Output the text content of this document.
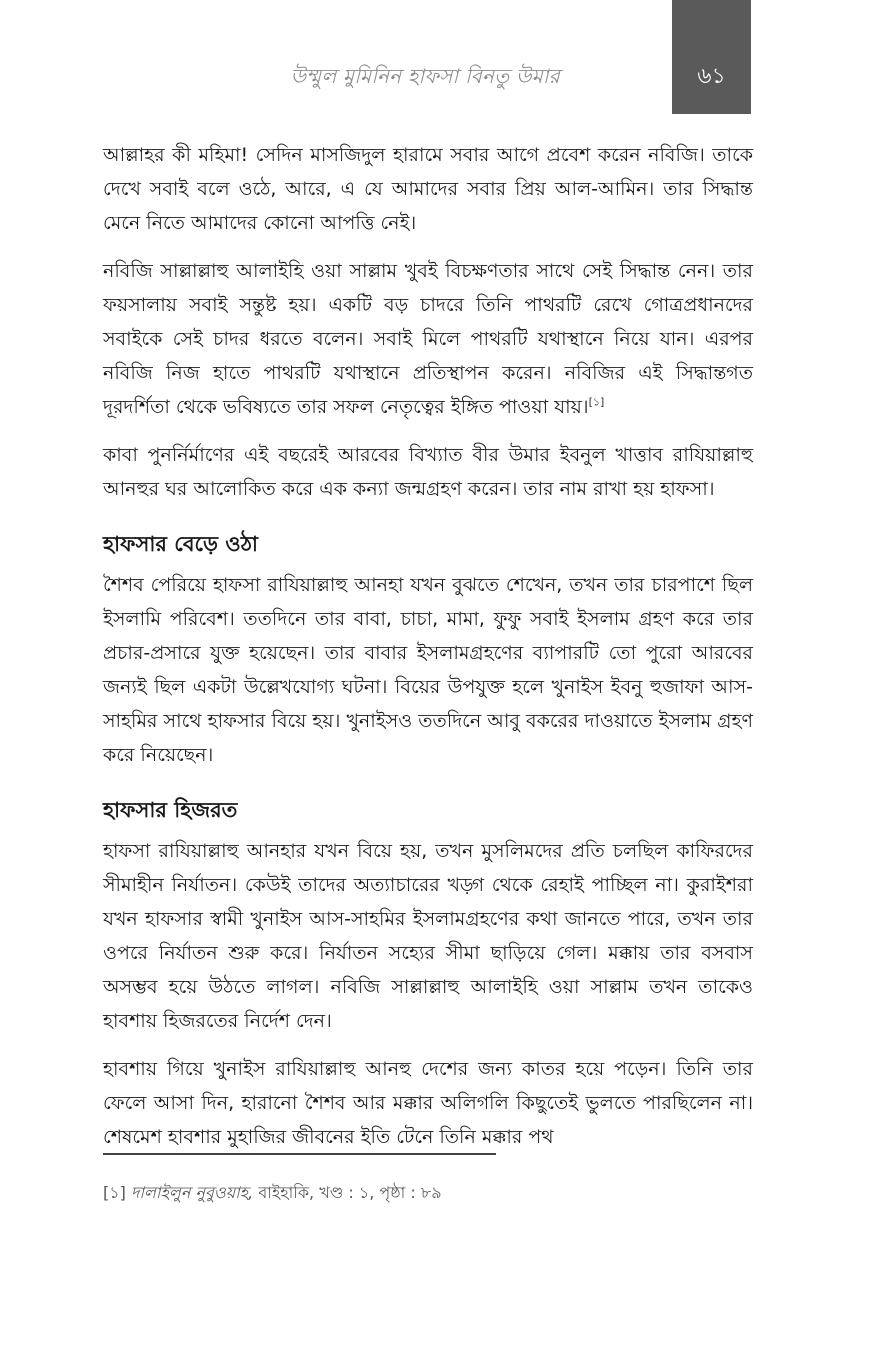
উম্মুল মুমিনিন হাফসা বিনতু উমার	৬১

আল্লাহর কী মহিমা! সেদিন মাসজিদুল হারামে সবার আগে প্রবেশ করেন নবিজি। তাকে দেখে সবাই বলে ওঠে, আরে, এ যে আমাদের সবার প্রিয় আল-আমিন। তার সিদ্ধান্ত মেনে নিতে আমাদের কোনো আপত্তি নেই।

নবিজি সাল্লাল্লাহু আলাইহি ওয়া সাল্লাম খুবই বিচক্ষণতার সাথে সেই সিদ্ধান্ত নেন। তার ফয়সালায় সবাই সন্তুষ্ট হয়। একটি বড় চাদরে তিনি পাথরটি রেখে গোত্রপ্রধানদের সবাইকে সেই চাদর ধরতে বলেন। সবাই মিলে পাথরটি যথাস্থানে নিয়ে যান। এরপর নবিজি নিজ হাতে পাথরটি যথাস্থানে প্রতিস্থাপন করেন। নবিজির এই সিদ্ধান্তগত দূরদর্শিতা থেকে ভবিষ্যতে তার সফল নেতৃত্বের ইঙ্গিত পাওয়া যায়।[১]

কাবা পুনর্নির্মাণের এই বছরেই আরবের বিখ্যাত বীর উমার ইবনুল খাত্তাব রাযিয়াল্লাহু আনহুর ঘর আলোকিত করে এক কন্যা জন্মগ্রহণ করেন। তার নাম রাখা হয় হাফসা।

হাফসার বেড়ে ওঠা

শৈশব পেরিয়ে হাফসা রাযিয়াল্লাহু আনহা যখন বুঝতে শেখেন, তখন তার চারপাশে ছিল ইসলামি পরিবেশ। ততদিনে তার বাবা, চাচা, মামা, ফুফু সবাই ইসলাম গ্রহণ করে তার প্রচার-প্রসারে যুক্ত হয়েছেন। তার বাবার ইসলামগ্রহণের ব্যাপারটি তো পুরো আরবের জন্যই ছিল একটা উল্লেখযোগ্য ঘটনা। বিয়ের উপযুক্ত হলে খুনাইস ইবনু হুজাফা আস-সাহমির সাথে হাফসার বিয়ে হয়। খুনাইসও ততদিনে আবু বকরের দাওয়াতে ইসলাম গ্রহণ করে নিয়েছেন।

হাফসার হিজরত

হাফসা রাযিয়াল্লাহু আনহার যখন বিয়ে হয়, তখন মুসলিমদের প্রতি চলছিল কাফিরদের সীমাহীন নির্যাতন। কেউই তাদের অত্যাচারের খড়্গ থেকে রেহাই পাচ্ছিল না। কুরাইশরা যখন হাফসার স্বামী খুনাইস আস-সাহমির ইসলামগ্রহণের কথা জানতে পারে, তখন তার ওপরে নির্যাতন শুরু করে। নির্যাতন সহ্যের সীমা ছাড়িয়ে গেল। মক্কায় তার বসবাস অসম্ভব হয়ে উঠতে লাগল। নবিজি সাল্লাল্লাহু আলাইহি ওয়া সাল্লাম তখন তাকেও হাবশায় হিজরতের নির্দেশ দেন।

হাবশায় গিয়ে খুনাইস রাযিয়াল্লাহু আনহু দেশের জন্য কাতর হয়ে পড়েন। তিনি তার ফেলে আসা দিন, হারানো শৈশব আর মক্কার অলিগলি কিছুতেই ভুলতে পারছিলেন না। শেষমেশ হাবশার মুহাজির জীবনের ইতি টেনে তিনি মক্কার পথ

[১] দালাইলুন নুবুওয়াহ, বাইহাকি, খণ্ড : ১, পৃষ্ঠা : ৮৯
